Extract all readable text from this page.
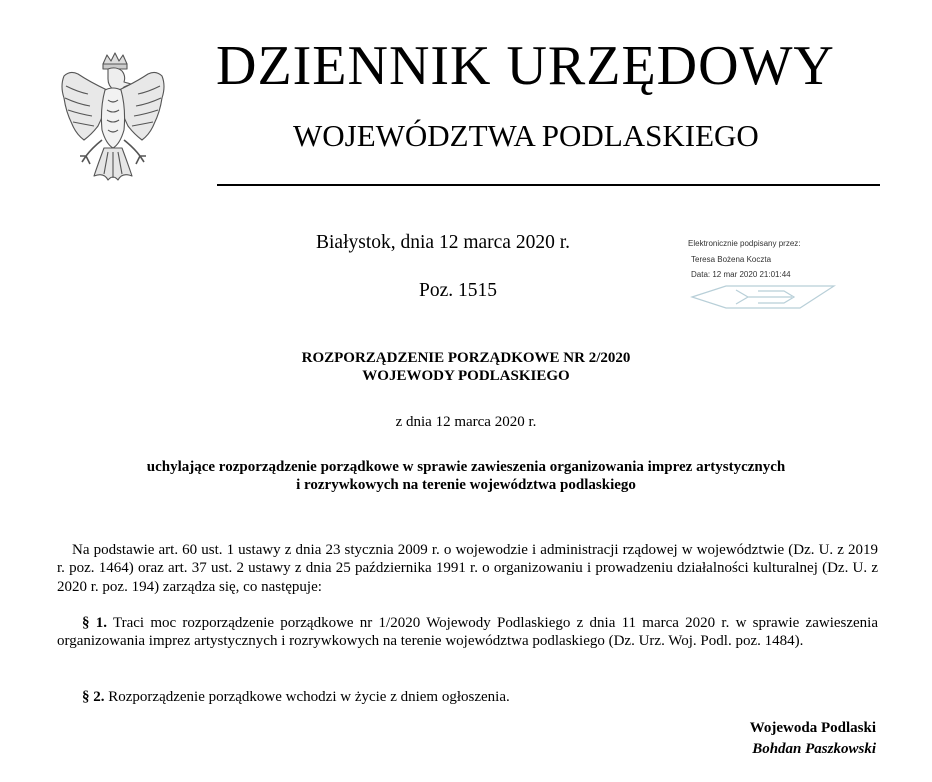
DZIENNIK URZĘDOWY
WOJEWÓDZTWA PODLASKIEGO
Białystok, dnia 12 marca 2020 r.
Poz. 1515
Elektronicznie podpisany przez:
Teresa Bożena Koczta
Data: 12 mar 2020 21:01:44
ROZPORZĄDZENIE PORZĄDKOWE NR 2/2020
WOJEWODY PODLASKIEGO
z dnia 12 marca 2020 r.
uchylające rozporządzenie porządkowe w sprawie zawieszenia organizowania imprez artystycznych
i rozrywkowych na terenie województwa podlaskiego
Na podstawie art. 60 ust. 1 ustawy z dnia 23 stycznia 2009 r. o wojewodzie i administracji rządowej w województwie (Dz. U. z 2019 r. poz. 1464) oraz art. 37 ust. 2 ustawy z dnia 25 października 1991 r. o organizowaniu i prowadzeniu działalności kulturalnej (Dz. U. z 2020 r. poz. 194) zarządza się, co następuje:
§ 1. Traci moc rozporządzenie porządkowe nr 1/2020 Wojewody Podlaskiego z dnia 11 marca 2020 r. w sprawie zawieszenia organizowania imprez artystycznych i rozrywkowych na terenie województwa podlaskiego (Dz. Urz. Woj. Podl. poz. 1484).
§ 2. Rozporządzenie porządkowe wchodzi w życie z dniem ogłoszenia.
Wojewoda Podlaski
Bohdan Paszkowski
